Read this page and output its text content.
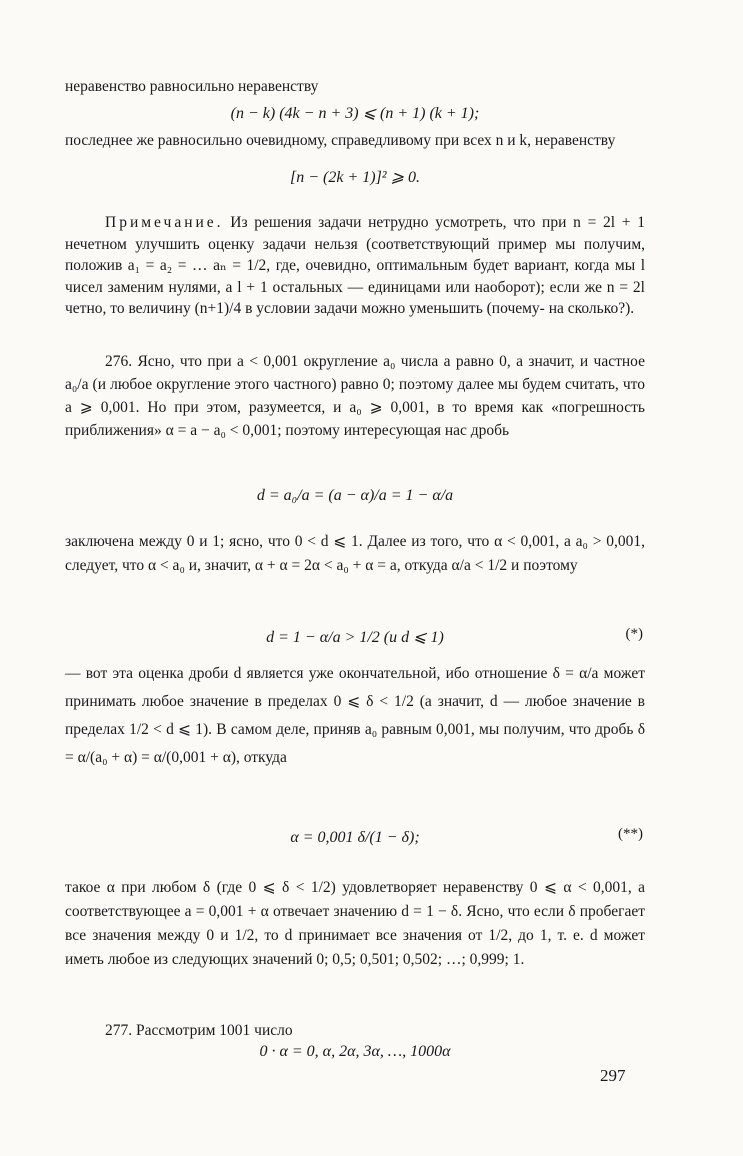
неравенство равносильно неравенству

(n − k) (4k − n + 3) ⩽ (n + 1) (k + 1);

последнее же равносильно очевидному, справедливому при всех n и k, неравенству

[n − (2k + 1)]² ⩾ 0.

Примечание. Из решения задачи нетрудно усмотреть, что при n = 2l + 1 нечетном улучшить оценку задачи нельзя (соответствующий пример мы получим, положив a₁ = a₂ = … aₙ = 1/2, где, очевидно, оптимальным будет вариант, когда мы l чисел заменим нулями, а l + 1 остальных — единицами или наоборот); если же n = 2l четно, то величину (n+1)/4 в условии задачи можно уменьшить (почему- на сколько?).

276. Ясно, что при a < 0,001 округление a₀ числа a равно 0, а значит, и частное a₀/a (и любое округление этого частного) равно 0; поэтому далее мы будем считать, что a ⩾ 0,001. Но при этом, разумеется, и a₀ ⩾ 0,001, в то время как «погрешность приближения» α = a − a₀ < 0,001; поэтому интересующая нас дробь

d = a₀/a = (a − α)/a = 1 − α/a

заключена между 0 и 1; ясно, что 0 < d ⩽ 1. Далее из того, что α < 0,001, а a₀ > 0,001, следует, что α < a₀ и, значит, α + α = 2α < a₀ + α = a, откуда α/a < 1/2 и поэтому

d = 1 − α/a > 1/2 (и d ⩽ 1)	(*)

— вот эта оценка дроби d является уже окончательной, ибо отношение δ = α/a может принимать любое значение в пределах 0 ⩽ δ < 1/2 (а значит, d — любое значение в пределах 1/2 < d ⩽ 1). В самом деле, приняв a₀ равным 0,001, мы получим, что дробь δ = α/(a₀ + α) = α/(0,001 + α), откуда

α = 0,001 δ/(1 − δ);	(**)

такое α при любом δ (где 0 ⩽ δ < 1/2) удовлетворяет неравенству 0 ⩽ α < 0,001, а соответствующее a = 0,001 + α отвечает значению d = 1 − δ. Ясно, что если δ пробегает все значения между 0 и 1/2, то d принимает все значения от 1/2, до 1, т. е. d может иметь любое из следующих значений 0; 0,5; 0,501; 0,502; …; 0,999; 1.

277. Рассмотрим 1001 число

0 · α = 0, α, 2α, 3α, …, 1000α
297
